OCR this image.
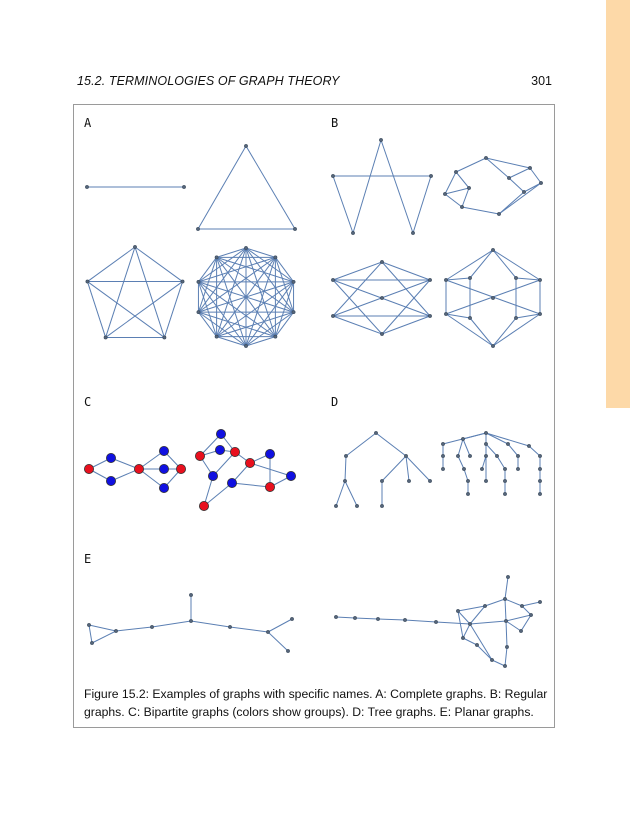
15.2. TERMINOLOGIES OF GRAPH THEORY	301
A	B
C	D
E
Figure 15.2: Examples of graphs with specific names. A: Complete graphs. B: Regular graphs. C: Bipartite graphs (colors show groups). D: Tree graphs. E: Planar graphs.
